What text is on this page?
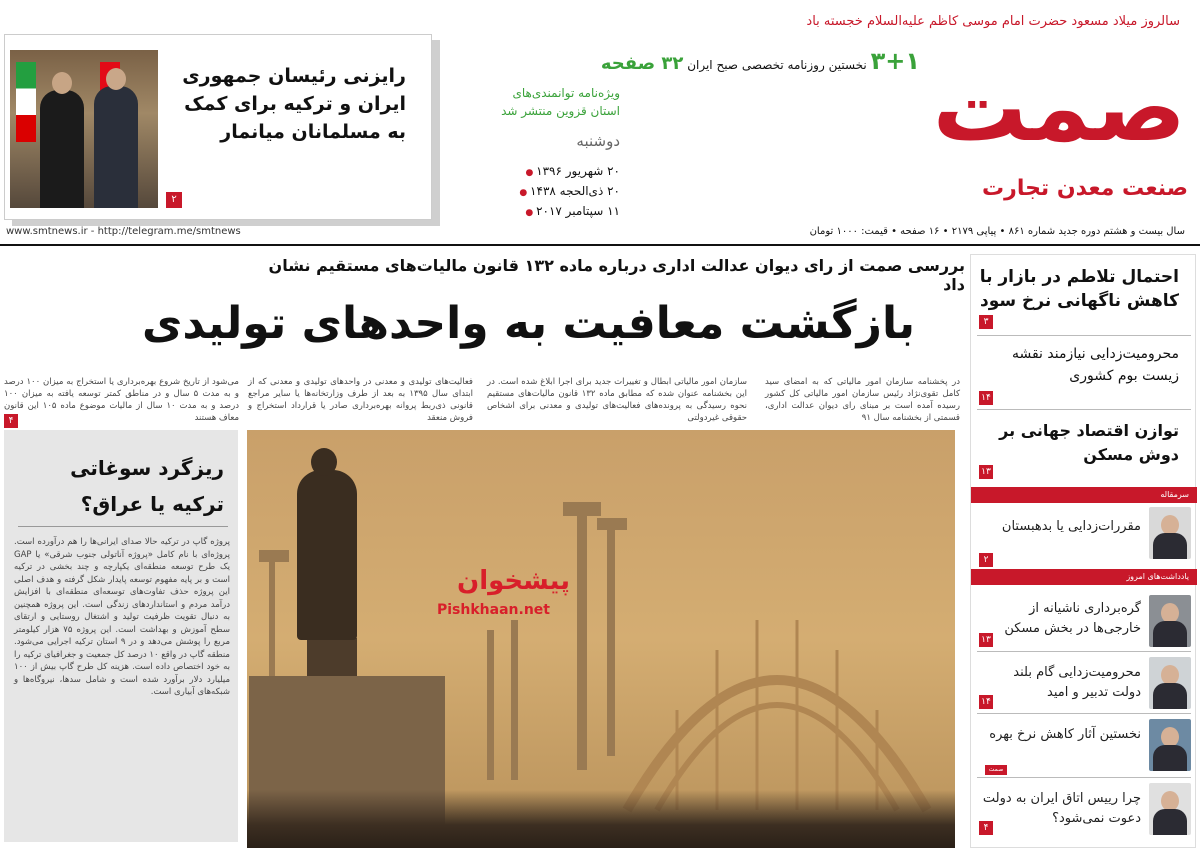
سالروز میلاد مسعود حضرت امام موسی کاظم علیه‌السلام خجسته باد
۳+۱ نخستین روزنامه تخصصی صبح ایران ۳۲ صفحه
ویژه‌نامه توانمندی‌های
استان قزوین منتشر شد
دوشنبه
۲۰ شهریور ۱۳۹۶ ●
۲۰ ذی‌الحجه ۱۴۳۸ ●
۱۱ سپتامبر ۲۰۱۷ ●
صمت
صنعت معدن تجارت
سال بیست و هشتم دوره جدید شماره ۸۶۱ • پیاپی ۲۱۷۹ • ۱۶ صفحه • قیمت: ۱۰۰۰ تومان
www.smtnews.ir - http://telegram.me/smtnews
رایزنی رئیسان جمهوری ایران و ترکیه برای کمک به مسلمانان میانمار
۲
بررسی صمت از رای دیوان عدالت اداری درباره ماده ۱۳۲ قانون مالیات‌های مستقیم نشان داد
بازگشت معافیت به واحدهای تولیدی
در پخشنامه سازمان امور مالیاتی که به امضای سید کامل تقوی‌نژاد رئیس سازمان امور مالیاتی کل کشور رسیده آمده است بر مبنای رای دیوان عدالت اداری، قسمتی از بخشنامه سال ۹۱
سازمان امور مالیاتی ابطال و تغییرات جدید برای اجرا ابلاغ شده است. در این بخشنامه عنوان شده که مطابق ماده ۱۳۲ قانون مالیات‌های مستقیم نحوه رسیدگی به پرونده‌های فعالیت‌های تولیدی و معدنی برای اشخاص حقوقی غیردولتی
فعالیت‌های تولیدی و معدنی در واحدهای تولیدی و معدنی که از ابتدای سال ۱۳۹۵ به بعد از طرف وزارتخانه‌ها یا سایر مراجع قانونی ذی‌ربط پروانه بهره‌برداری صادر یا قرارداد استخراج و فروش منعقد
می‌شود از تاریخ شروع بهره‌برداری یا استخراج به میزان ۱۰۰ درصد و به مدت ۵ سال و در مناطق کمتر توسعه یافته به میزان ۱۰۰ درصد و به مدت ۱۰ سال از مالیات موضوع ماده ۱۰۵ این قانون معاف هستند
۴
پیشخوان
Pishkhaan.net
ریزگرد سوغاتی
ترکیه یا عراق؟
پروژه گاپ در ترکیه حالا صدای ایرانی‌ها را هم درآورده است. پروژه‌ای با نام کامل «پروژه آناتولی جنوب شرقی» یا GAP یک طرح توسعه منطقه‌ای یکپارچه و چند بخشی در ترکیه است و بر پایه مفهوم توسعه پایدار شکل گرفته و هدف اصلی این پروژه حذف تفاوت‌های توسعه‌ای منطقه‌ای با افزایش درآمد مردم و استانداردهای زندگی است. این پروژه همچنین به دنبال تقویت ظرفیت تولید و اشتغال روستایی و ارتقای سطح آموزش و بهداشت است. این پروژه ۷۵ هزار کیلومتر مربع را پوشش می‌دهد و در ۹ استان ترکیه اجرایی می‌شود. منطقه گاپ در واقع ۱۰ درصد کل جمعیت و جغرافیای ترکیه را به خود اختصاص داده است. هزینه کل طرح گاپ بیش از ۱۰۰ میلیارد دلار برآورد شده است و شامل سدها، نیروگاه‌ها و شبکه‌های آبیاری است.
احتمال تلاطم در بازار با کاهش ناگهانی نرخ سود
۳
محرومیت‌زدایی نیازمند نقشه زیست بوم کشوری
۱۴
توازن اقتصاد جهانی بر دوش مسکن
۱۳
سرمقاله
مقررات‌زدایی یا بدهبستان
۲
یادداشت‌های امروز
گره‌برداری ناشیانه از خارجی‌ها در بخش مسکن
۱۳
محرومیت‌زدایی گام بلند دولت تدبیر و امید
۱۴
نخستین آثار کاهش نرخ بهره
صمت
چرا رییس اتاق ایران به دولت دعوت نمی‌شود؟
۴
